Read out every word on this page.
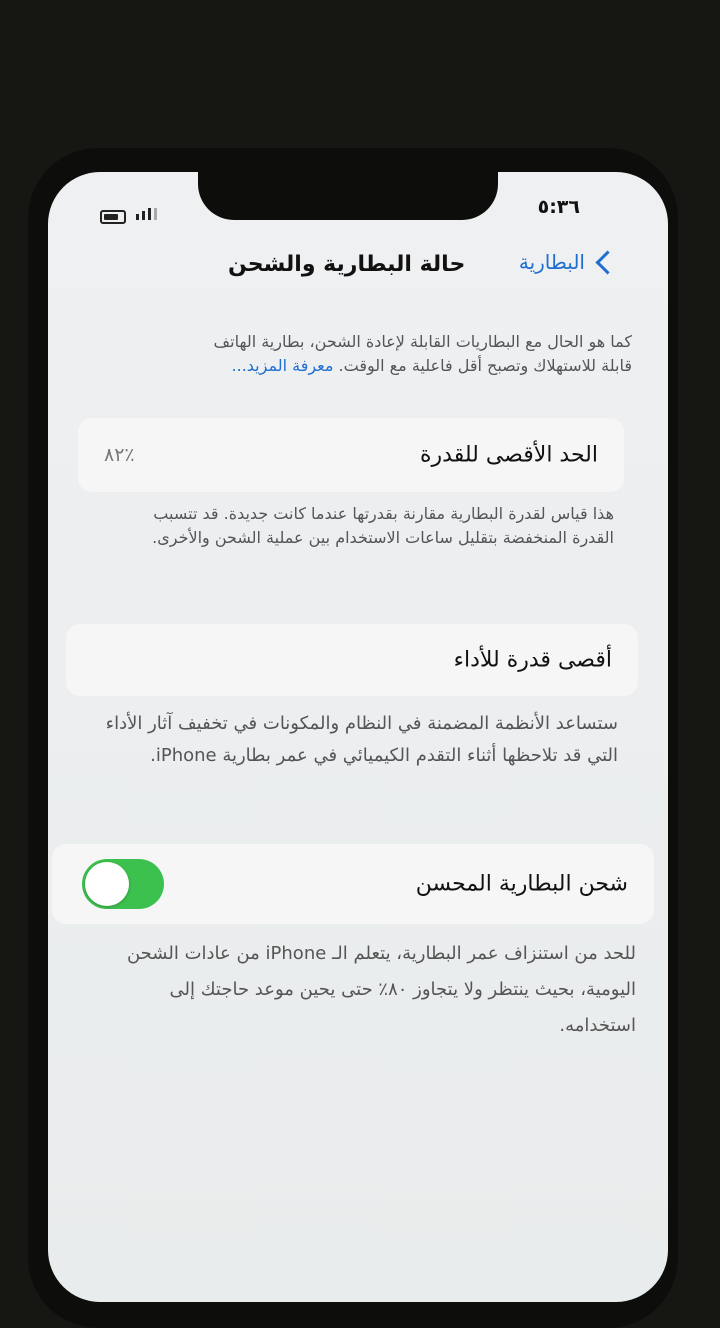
٥:٣٦
البطارية
حالة البطارية والشحن
كما هو الحال مع البطاريات القابلة لإعادة الشحن، بطارية الهاتف
قابلة للاستهلاك وتصبح أقل فاعلية مع الوقت. معرفة المزيد...
الحد الأقصى للقدرة
٪٨٢
هذا قياس لقدرة البطارية مقارنة بقدرتها عندما كانت جديدة. قد تتسبب القدرة المنخفضة بتقليل ساعات الاستخدام بين عملية الشحن والأخرى.
أقصى قدرة للأداء
ستساعد الأنظمة المضمنة في النظام والمكونات في تخفيف آثار الأداء التي قد تلاحظها أثناء التقدم الكيميائي في عمر بطارية iPhone.
شحن البطارية المحسن
للحد من استنزاف عمر البطارية، يتعلم الـ iPhone من عادات الشحن اليومية، بحيث ينتظر ولا يتجاوز ٨٠٪ حتى يحين موعد حاجتك إلى استخدامه.
